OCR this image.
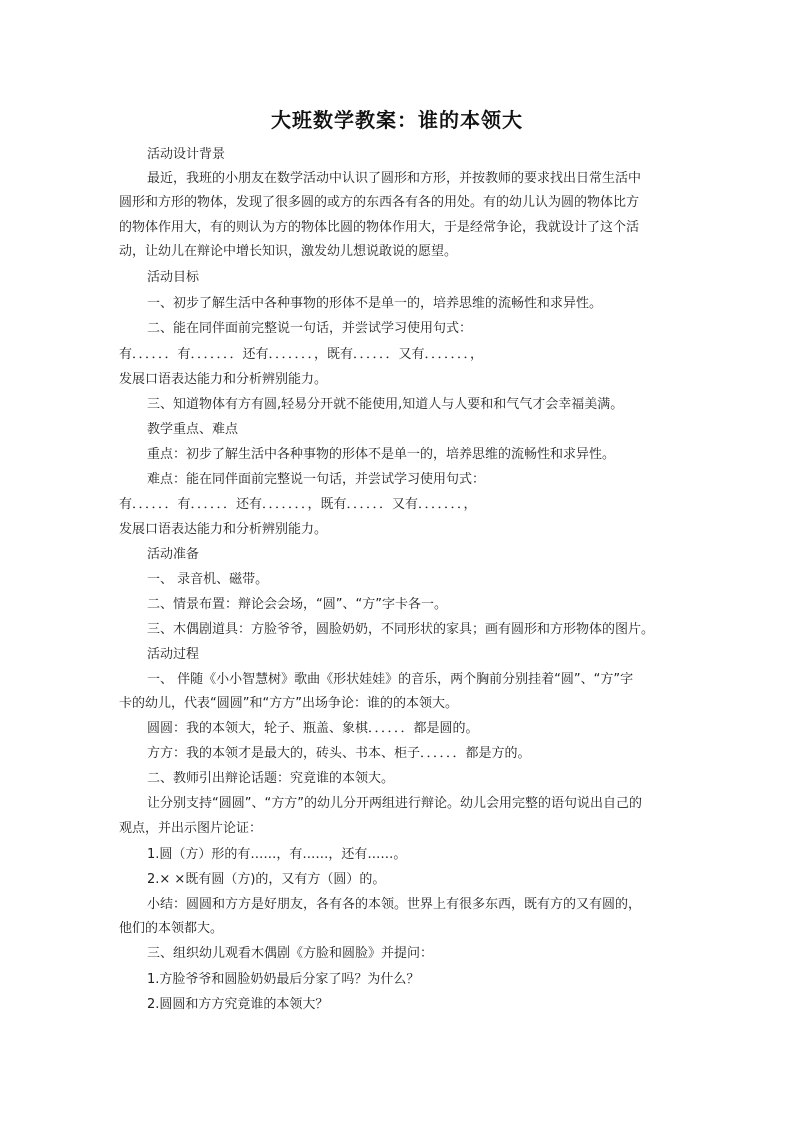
大班数学教案：谁的本领大
活动设计背景
最近，我班的小朋友在数学活动中认识了圆形和方形，并按教师的要求找出日常生活中
圆形和方形的物体，发现了很多圆的或方的东西各有各的用处。有的幼儿认为圆的物体比方
的物体作用大，有的则认为方的物体比圆的物体作用大，于是经常争论，我就设计了这个活
动，让幼儿在辩论中增长知识，激发幼儿想说敢说的愿望。
活动目标
一、初步了解生活中各种事物的形体不是单一的，培养思维的流畅性和求异性。
二、能在同伴面前完整说一句话，并尝试学习使用句式：
有．．．．．．有．．．．．．．还有．．．．．．．，既有．．．．．．又有．．．．．．．，
发展口语表达能力和分析辨别能力。
三、知道物体有方有圆,轻易分开就不能使用,知道人与人要和和气气才会幸福美满。
教学重点、难点
重点：初步了解生活中各种事物的形体不是单一的，培养思维的流畅性和求异性。
难点：能在同伴面前完整说一句话，并尝试学习使用句式：
有．．．．．．有．．．．．．还有．．．．．．．，既有．．．．．．又有．．．．．．．，
发展口语表达能力和分析辨别能力。
活动准备
一、 录音机、磁带。
二、情景布置：辩论会会场，“圆”、“方”字卡各一。
三、木偶剧道具：方脸爷爷，圆脸奶奶，不同形状的家具；画有圆形和方形物体的图片。
活动过程
一、 伴随《小小智慧树》歌曲《形状娃娃》的音乐，两个胸前分别挂着“圆”、“方”字
卡的幼儿，代表“圆圆”和“方方”出场争论：谁的的本领大。
圆圆：我的本领大，轮子、瓶盖、象棋．．．．．．都是圆的。
方方：我的本领才是最大的，砖头、书本、柜子．．．．．．都是方的。
二、教师引出辩论话题：究竟谁的本领大。
让分别支持“圆圆”、“方方”的幼儿分开两组进行辩论。幼儿会用完整的语句说出自己的
观点，并出示图片论证：
1.圆（方）形的有……，有……，还有……。
2.× ×既有圆（方)的，又有方（圆）的。
小结：圆圆和方方是好朋友，各有各的本领。世界上有很多东西，既有方的又有圆的，
他们的本领都大。
三、组织幼儿观看木偶剧《方脸和圆脸》并提问：
1.方脸爷爷和圆脸奶奶最后分家了吗？为什么？
2.圆圆和方方究竟谁的本领大？
